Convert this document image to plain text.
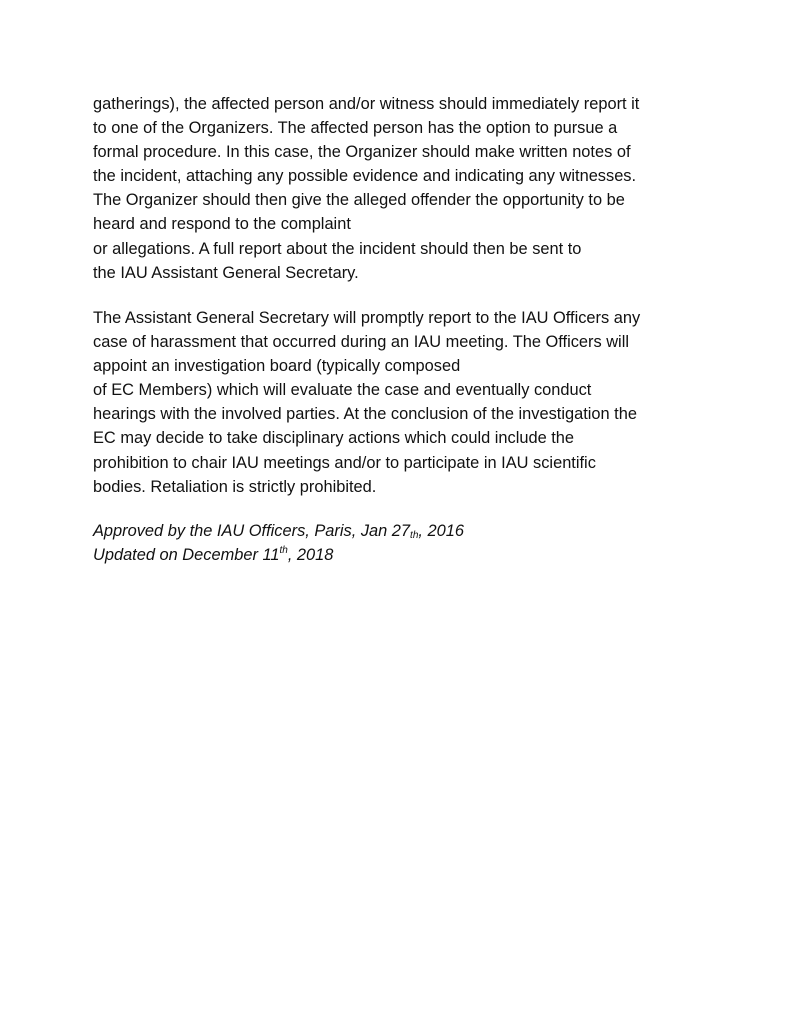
gatherings), the affected person and/or witness should immediately report it
to one of the Organizers. The affected person has the option to pursue a
formal procedure. In this case, the Organizer should make written notes of
the incident, attaching any possible evidence and indicating any witnesses.
The Organizer should then give the alleged offender the opportunity to be
heard and respond to the complaint
or allegations. A full report about the incident should then be sent to
the IAU Assistant General Secretary.
The Assistant General Secretary will promptly report to the IAU Officers any
case of harassment that occurred during an IAU meeting. The Officers will
appoint an investigation board (typically composed
of EC Members) which will evaluate the case and eventually conduct
hearings with the involved parties. At the conclusion of the investigation the
EC may decide to take disciplinary actions which could include the
prohibition to chair IAU meetings and/or to participate in IAU scientific
bodies. Retaliation is strictly prohibited.
Approved by the IAU Officers, Paris, Jan 27th, 2016
Updated on December 11th, 2018
